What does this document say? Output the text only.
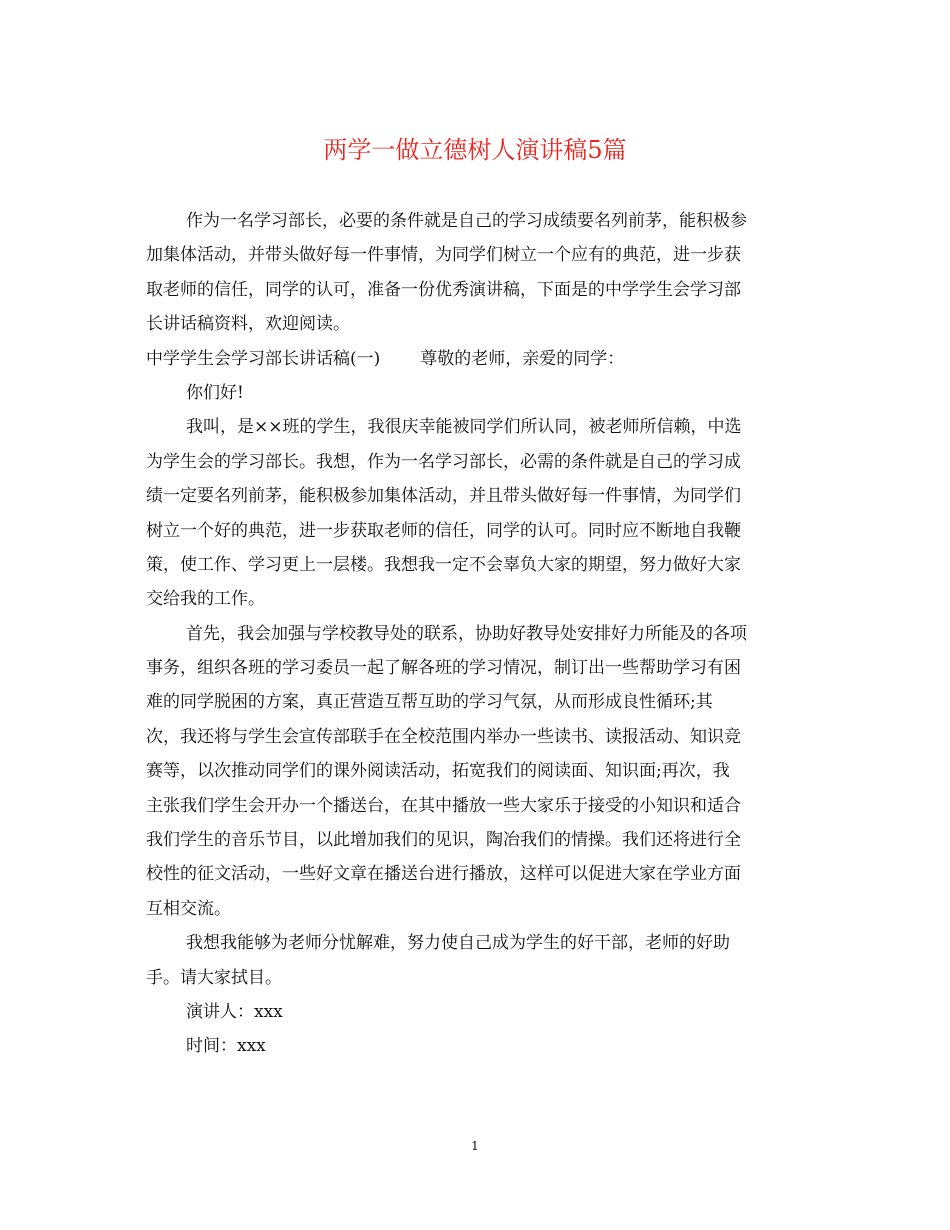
两学一做立德树人演讲稿5篇
作为一名学习部长，必要的条件就是自己的学习成绩要名列前茅，能积极参
加集体活动，并带头做好每一件事情，为同学们树立一个应有的典范，进一步获
取老师的信任，同学的认可，准备一份优秀演讲稿，下面是的中学学生会学习部
长讲话稿资料，欢迎阅读。
中学学生会学习部长讲话稿(一) 尊敬的老师，亲爱的同学：
你们好!
我叫，是××班的学生，我很庆幸能被同学们所认同，被老师所信赖，中选
为学生会的学习部长。我想，作为一名学习部长，必需的条件就是自己的学习成
绩一定要名列前茅，能积极参加集体活动，并且带头做好每一件事情，为同学们
树立一个好的典范，进一步获取老师的信任，同学的认可。同时应不断地自我鞭
策，使工作、学习更上一层楼。我想我一定不会辜负大家的期望，努力做好大家
交给我的工作。
首先，我会加强与学校教导处的联系，协助好教导处安排好力所能及的各项
事务，组织各班的学习委员一起了解各班的学习情况，制订出一些帮助学习有困
难的同学脱困的方案，真正营造互帮互助的学习气氛，从而形成良性循环;其
次，我还将与学生会宣传部联手在全校范围内举办一些读书、读报活动、知识竞
赛等，以次推动同学们的课外阅读活动，拓宽我们的阅读面、知识面;再次，我
主张我们学生会开办一个播送台，在其中播放一些大家乐于接受的小知识和适合
我们学生的音乐节目，以此增加我们的见识，陶冶我们的情操。我们还将进行全
校性的征文活动，一些好文章在播送台进行播放，这样可以促进大家在学业方面
互相交流。
我想我能够为老师分忧解难，努力使自己成为学生的好干部，老师的好助
手。请大家拭目。
演讲人：xxx
时间：xxx
1
